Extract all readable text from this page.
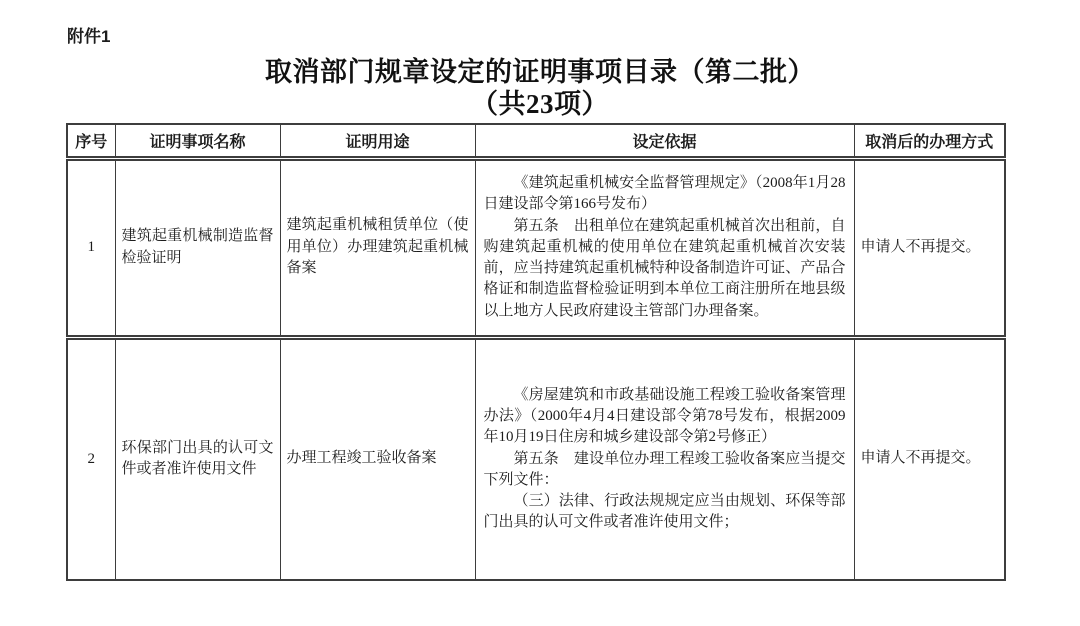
附件1
取消部门规章设定的证明事项目录（第二批）
（共23项）
序号	证明事项名称	证明用途	设定依据	取消后的办理方式
1	建筑起重机械制造监督检验证明	建筑起重机械租赁单位（使用单位）办理建筑起重机械备案	《建筑起重机械安全监督管理规定》（2008年1月28日建设部令第166号发布）

第五条　出租单位在建筑起重机械首次出租前，自购建筑起重机械的使用单位在建筑起重机械首次安装前，应当持建筑起重机械特种设备制造许可证、产品合格证和制造监督检验证明到本单位工商注册所在地县级以上地方人民政府建设主管部门办理备案。	申请人不再提交。
2	环保部门出具的认可文件或者准许使用文件	办理工程竣工验收备案	《房屋建筑和市政基础设施工程竣工验收备案管理办法》（2000年4月4日建设部令第78号发布，根据2009年10月19日住房和城乡建设部令第2号修正）

第五条　建设单位办理工程竣工验收备案应当提交下列文件：

（三）法律、行政法规规定应当由规划、环保等部门出具的认可文件或者准许使用文件；	申请人不再提交。
